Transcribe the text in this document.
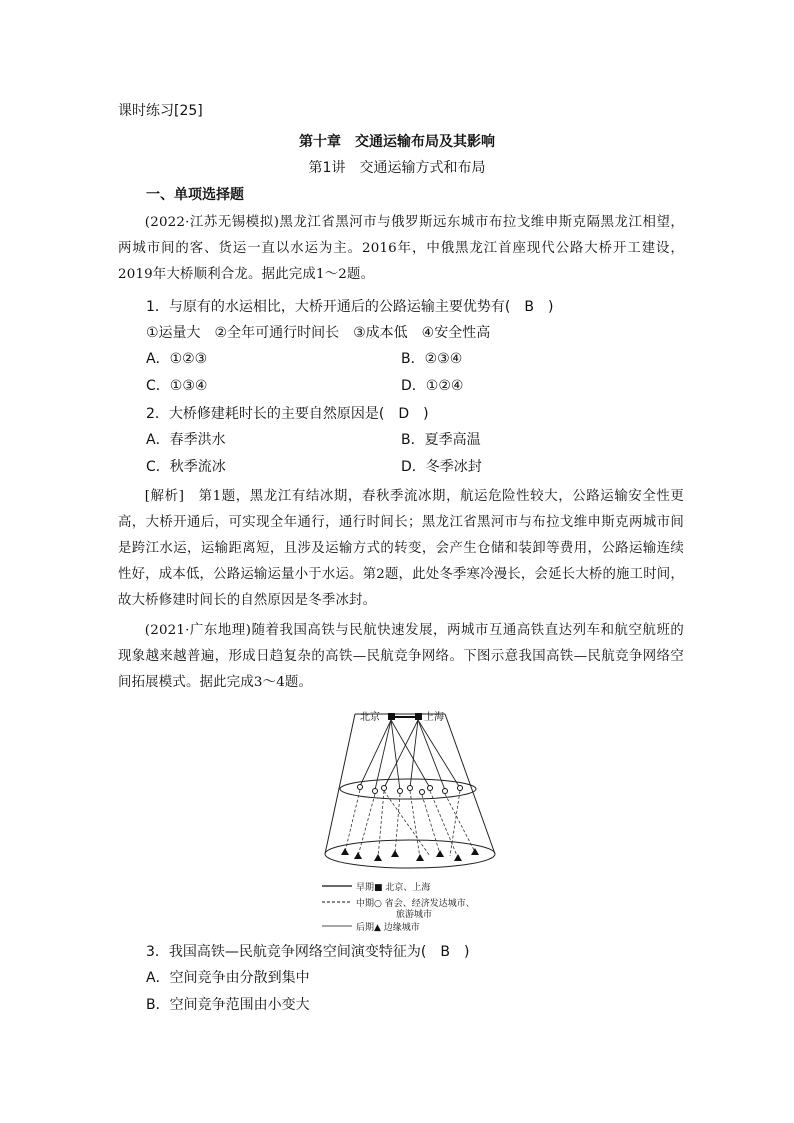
课时练习[25]
第十章　交通运输布局及其影响
第1讲　交通运输方式和布局
一、单项选择题
(2022·江苏无锡模拟)黑龙江省黑河市与俄罗斯远东城市布拉戈维申斯克隔黑龙江相望，两城市间的客、货运一直以水运为主。2016年，中俄黑龙江首座现代公路大桥开工建设，2019年大桥顺利合龙。据此完成1～2题。
1．与原有的水运相比，大桥开通后的公路运输主要优势有(　B　)
①运量大　②全年可通行时间长　③成本低　④安全性高
A．①②③	B．②③④
C．①③④	D．①②④
2．大桥修建耗时长的主要自然原因是(　D　)
A．春季洪水	B．夏季高温
C．秋季流冰	D．冬季冰封
[解析]　第1题，黑龙江有结冰期，春秋季流冰期，航运危险性较大，公路运输安全性更高，大桥开通后，可实现全年通行，通行时间长；黑龙江省黑河市与布拉戈维申斯克两城市间是跨江水运，运输距离短，且涉及运输方式的转变，会产生仓储和装卸等费用，公路运输连续性好，成本低，公路运输运量小于水运。第2题，此处冬季寒冷漫长，会延长大桥的施工时间，故大桥修建时间长的自然原因是冬季冰封。
(2021·广东地理)随着我国高铁与民航快速发展，两城市互通高铁直达列车和航空航班的现象越来越普遍，形成日趋复杂的高铁—民航竞争网络。下图示意我国高铁—民航竞争网络空间拓展模式。据此完成3～4题。
北京	上海
早期■ 北京、上海
中期○ 省会、经济发达城市、
旅游城市
后期▲ 边缘城市
3．我国高铁—民航竞争网络空间演变特征为(　B　)
A．空间竞争由分散到集中
B．空间竞争范围由小变大
